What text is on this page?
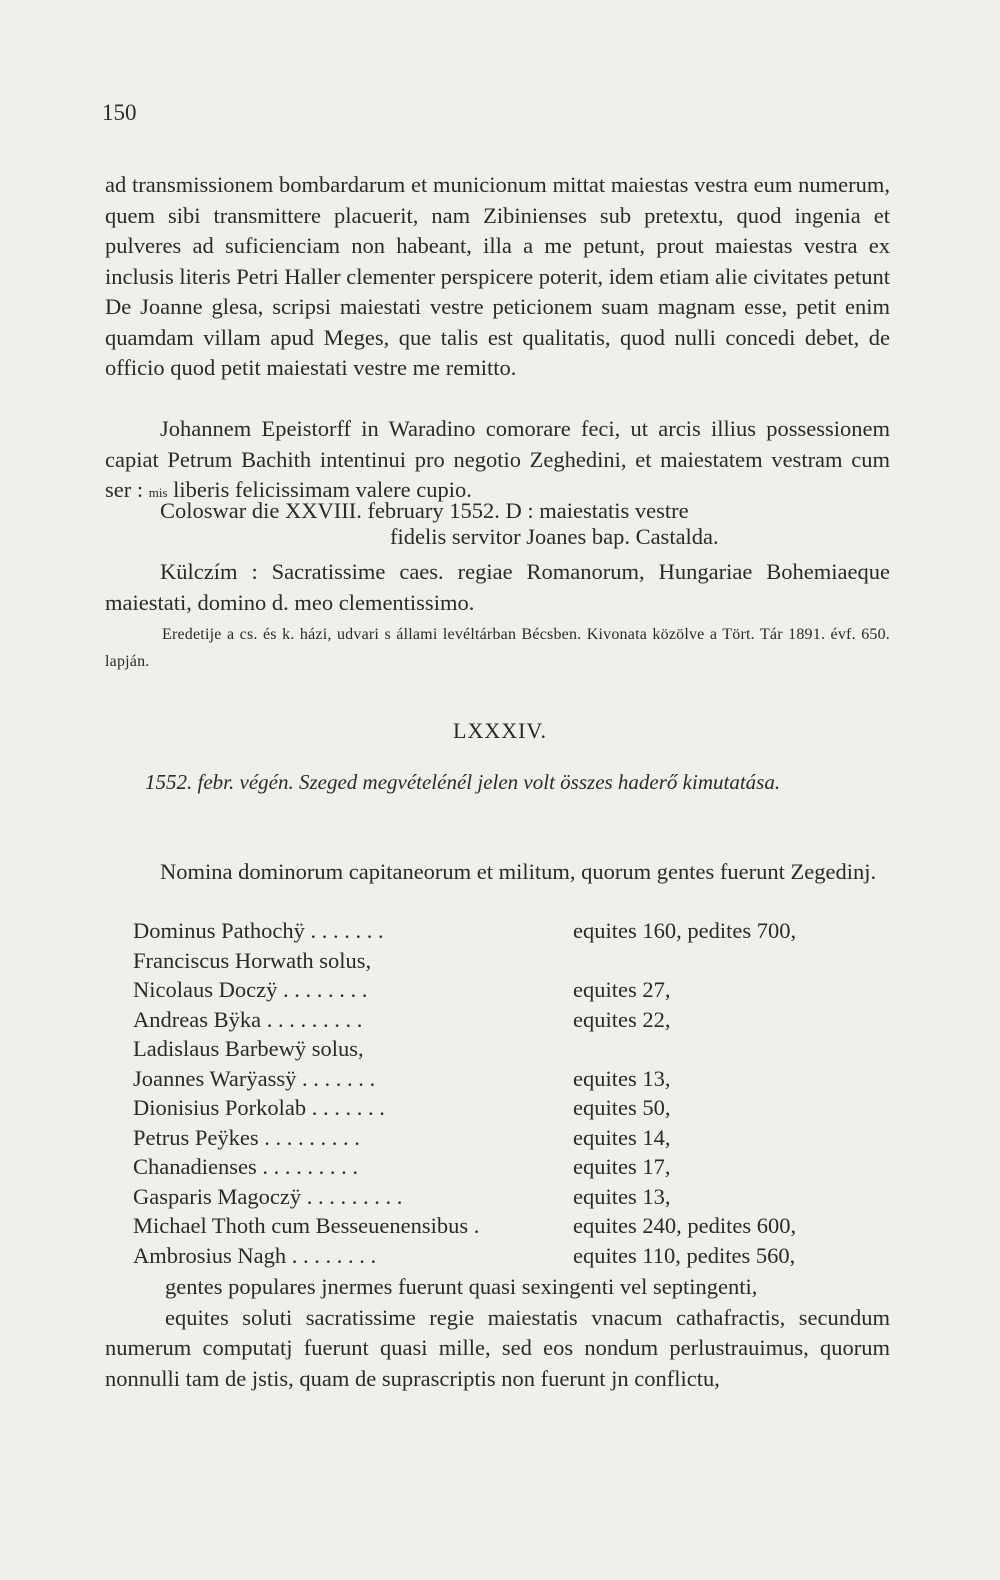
150
ad transmissionem bombardarum et municionum mittat maiestas vestra eum numerum, quem sibi transmittere placuerit, nam Zibinienses sub pretextu, quod ingenia et pulveres ad suficienciam non habeant, illa a me petunt, prout maiestas vestra ex inclusis literis Petri Haller clementer perspicere poterit, idem etiam alie civitates petunt De Joanne glesa, scripsi maiestati vestre peticionem suam magnam esse, petit enim quamdam villam apud Meges, que talis est qualitatis, quod nulli concedi debet, de officio quod petit maiestati vestre me remitto.
Johannem Epeistorff in Waradino comorare feci, ut arcis illius possessionem capiat Petrum Bachith intentinui pro negotio Zeghedini, et maiestatem vestram cum ser : mis liberis felicissimam valere cupio.
Coloswar die XXVIII. february 1552. D : maiestatis vestre
fidelis servitor Joanes bap. Castalda.
Külczím : Sacratissime caes. regiae Romanorum, Hungariae Bohemiaeque maiestati, domino d. meo clementissimo.
Eredetije a cs. és k. házi, udvari s állami levéltárban Bécsben. Kivonata közölve a Tört. Tár 1891. évf. 650. lapján.
LXXXIV.
1552. febr. végén. Szeged megvételénél jelen volt összes haderő kimutatása.
Nomina dominorum capitaneorum et militum, quorum gentes fuerunt Zegedinj.
Dominus Pathochÿ . . . . . . .	equites 160, pedites 700,
Franciscus Horwath solus,
Nicolaus Doczÿ . . . . . . . .	equites 27,
Andreas Bÿka . . . . . . . . .	equites 22,
Ladislaus Barbewÿ solus,
Joannes Warÿassÿ . . . . . . .	equites 13,
Dionisius Porkolab . . . . . . .	equites 50,
Petrus Peÿkes . . . . . . . . .	equites 14,
Chanadienses . . . . . . . . .	equites 17,
Gasparis Magoczÿ . . . . . . . . .	equites 13,
Michael Thoth cum Besseuenensibus .	equites 240, pedites 600,
Ambrosius Nagh . . . . . . . .	equites 110, pedites 560,

gentes populares jnermes fuerunt quasi sexingenti vel septingenti,

equites soluti sacratissime regie maiestatis vnacum cathafractis, secundum numerum computatj fuerunt quasi mille, sed eos nondum perlustrauimus, quorum nonnulli tam de jstis, quam de suprascriptis non fuerunt jn conflictu,
